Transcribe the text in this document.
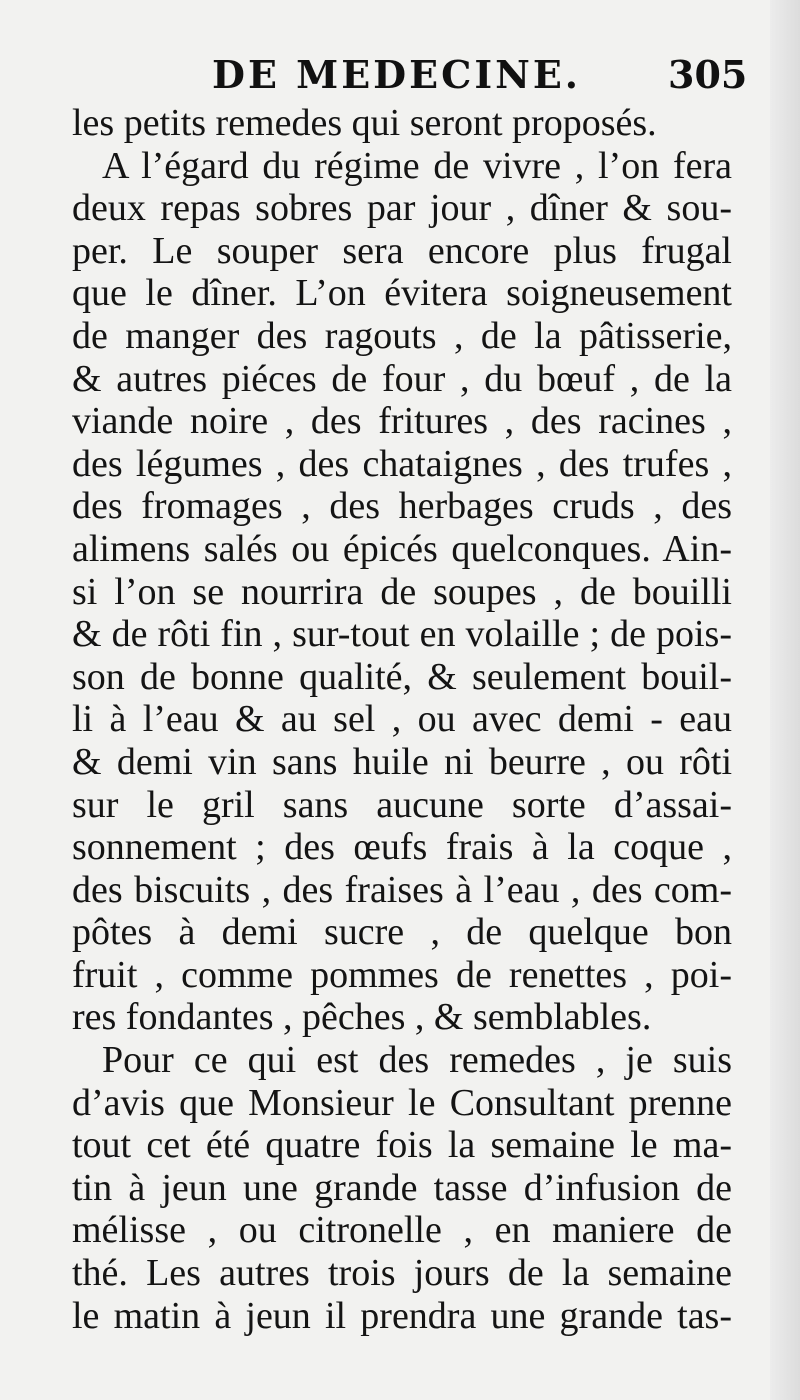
DE MEDECINE. 305
les petits remedes qui seront proposés.
A l’égard du régime de vivre , l’on fera
deux repas sobres par jour , dîner & sou-
per. Le souper sera encore plus frugal
que le dîner. L’on évitera soigneusement
de manger des ragouts , de la pâtisserie,
& autres piéces de four , du bœuf , de la
viande noire , des fritures , des racines ,
des légumes , des chataignes , des trufes ,
des fromages , des herbages cruds , des
alimens salés ou épicés quelconques. Ain-
si l’on se nourrira de soupes , de bouilli
& de rôti fin , sur-tout en volaille ; de pois-
son de bonne qualité, & seulement bouil-
li à l’eau & au sel , ou avec demi - eau
& demi vin sans huile ni beurre , ou rôti
sur le gril sans aucune sorte d’assai-
sonnement ; des œufs frais à la coque ,
des biscuits , des fraises à l’eau , des com-
pôtes à demi sucre , de quelque bon
fruit , comme pommes de renettes , poi-
res fondantes , pêches , & semblables.
Pour ce qui est des remedes , je suis
d’avis que Monsieur le Consultant prenne
tout cet été quatre fois la semaine le ma-
tin à jeun une grande tasse d’infusion de
mélisse , ou citronelle , en maniere de
thé. Les autres trois jours de la semaine
le matin à jeun il prendra une grande tas-
